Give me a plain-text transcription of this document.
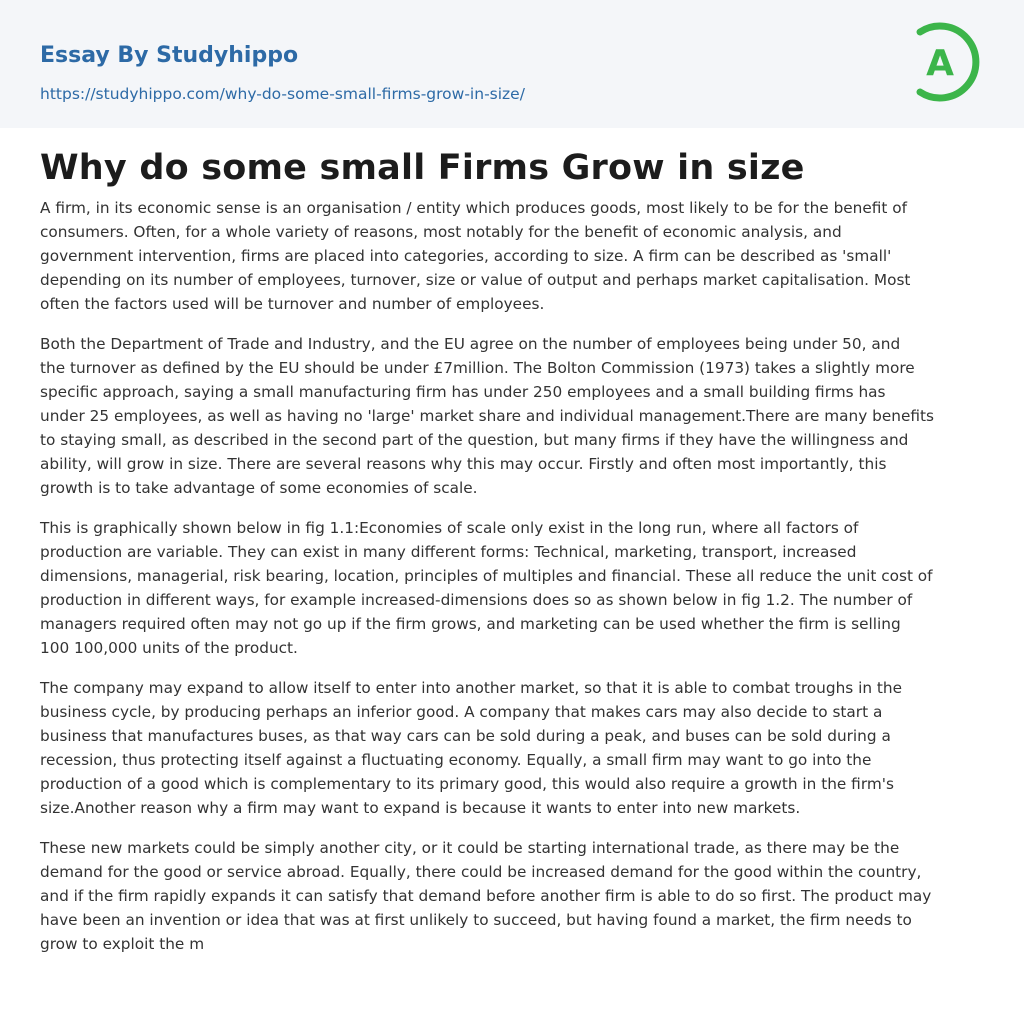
Essay By Studyhippo
https://studyhippo.com/why-do-some-small-firms-grow-in-size/
A
Why do some small Firms Grow in size

A firm, in its economic sense is an organisation / entity which produces goods, most likely to be for the benefit of
consumers. Often, for a whole variety of reasons, most notably for the benefit of economic analysis, and
government intervention, firms are placed into categories, according to size. A firm can be described as 'small'
depending on its number of employees, turnover, size or value of output and perhaps market capitalisation. Most
often the factors used will be turnover and number of employees.

Both the Department of Trade and Industry, and the EU agree on the number of employees being under 50, and
the turnover as defined by the EU should be under £7million. The Bolton Commission (1973) takes a slightly more
specific approach, saying a small manufacturing firm has under 250 employees and a small building firms has
under 25 employees, as well as having no 'large' market share and individual management.There are many benefits
to staying small, as described in the second part of the question, but many firms if they have the willingness and
ability, will grow in size. There are several reasons why this may occur. Firstly and often most importantly, this
growth is to take advantage of some economies of scale.

This is graphically shown below in fig 1.1:Economies of scale only exist in the long run, where all factors of
production are variable. They can exist in many different forms: Technical, marketing, transport, increased
dimensions, managerial, risk bearing, location, principles of multiples and financial. These all reduce the unit cost of
production in different ways, for example increased-dimensions does so as shown below in fig 1.2. The number of
managers required often may not go up if the firm grows, and marketing can be used whether the firm is selling
100 100,000 units of the product.

The company may expand to allow itself to enter into another market, so that it is able to combat troughs in the
business cycle, by producing perhaps an inferior good. A company that makes cars may also decide to start a
business that manufactures buses, as that way cars can be sold during a peak, and buses can be sold during a
recession, thus protecting itself against a fluctuating economy. Equally, a small firm may want to go into the
production of a good which is complementary to its primary good, this would also require a growth in the firm's
size.Another reason why a firm may want to expand is because it wants to enter into new markets.

These new markets could be simply another city, or it could be starting international trade, as there may be the
demand for the good or service abroad. Equally, there could be increased demand for the good within the country,
and if the firm rapidly expands it can satisfy that demand before another firm is able to do so first. The product may
have been an invention or idea that was at first unlikely to succeed, but having found a market, the firm needs to
grow to exploit the m
